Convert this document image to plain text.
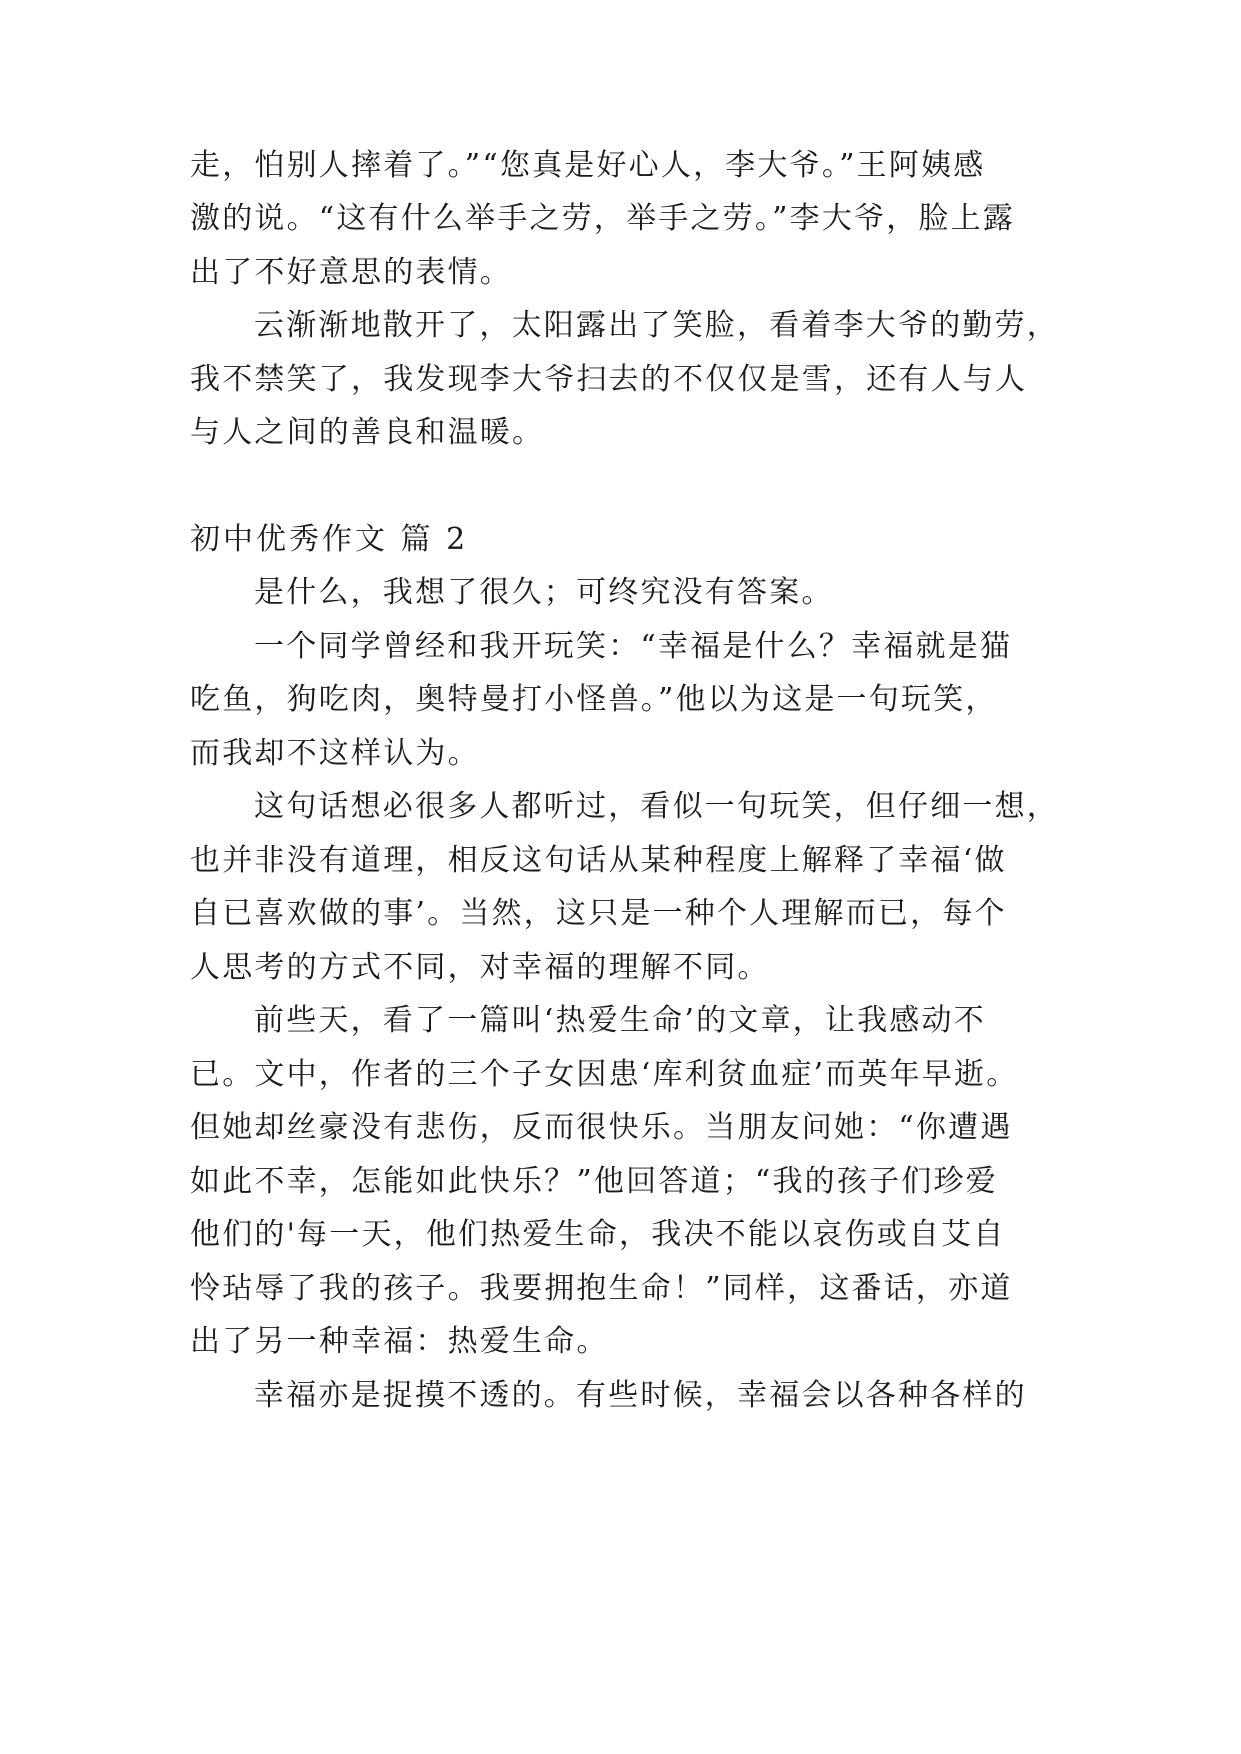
走，怕别人摔着了。”“您真是好心人，李大爷。”王阿姨感
激的说。“这有什么举手之劳，举手之劳。”李大爷，脸上露
出了不好意思的表情。
云渐渐地散开了，太阳露出了笑脸，看着李大爷的勤劳，
我不禁笑了，我发现李大爷扫去的不仅仅是雪，还有人与人
与人之间的善良和温暖。
初中优秀作文 篇 2
是什么，我想了很久；可终究没有答案。
一个同学曾经和我开玩笑：“幸福是什么？幸福就是猫
吃鱼，狗吃肉，奥特曼打小怪兽。”他以为这是一句玩笑，
而我却不这样认为。
这句话想必很多人都听过，看似一句玩笑，但仔细一想，
也并非没有道理，相反这句话从某种程度上解释了幸福‘做
自已喜欢做的事’。当然，这只是一种个人理解而已，每个
人思考的方式不同，对幸福的理解不同。
前些天，看了一篇叫‘热爱生命’的文章，让我感动不
已。文中，作者的三个子女因患‘库利贫血症’而英年早逝。
但她却丝豪没有悲伤，反而很快乐。当朋友问她：“你遭遇
如此不幸，怎能如此快乐？”他回答道；“我的孩子们珍爱
他们的'每一天，他们热爱生命，我决不能以哀伤或自艾自
怜玷辱了我的孩子。我要拥抱生命！”同样，这番话，亦道
出了另一种幸福：热爱生命。
幸福亦是捉摸不透的。有些时候，幸福会以各种各样的
